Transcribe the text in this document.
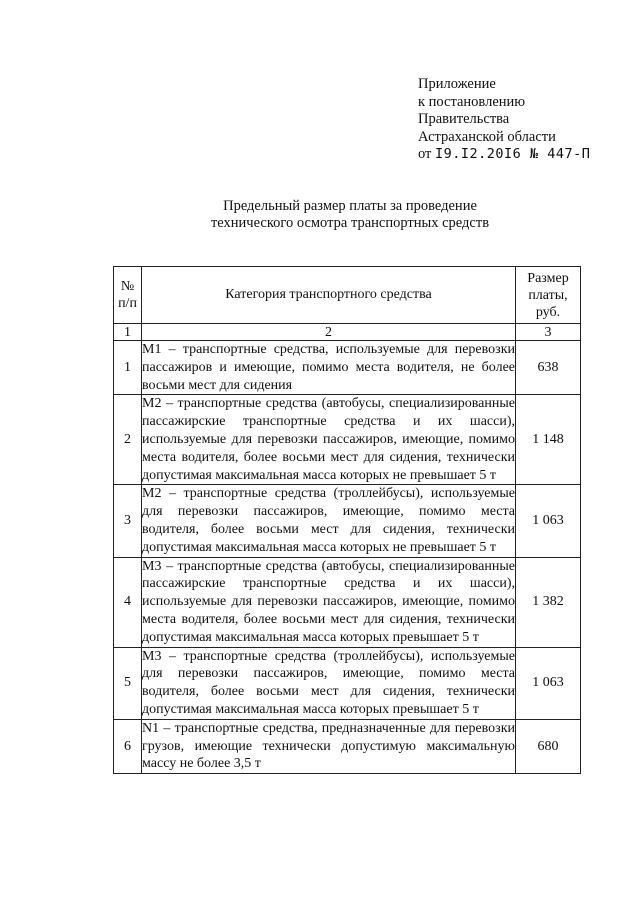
Приложение
к постановлению
Правительства
Астраханской области
от I9.I2.20I6 № 447-П
Предельный размер платы за проведение
технического осмотра транспортных средств
№ п/п	Категория транспортного средства	Размер платы, руб.
1	2	3
1	M1 – транспортные средства, используемые для перевозки пассажиров и имеющие, помимо места водителя, не более восьми мест для сидения	638
2	M2 – транспортные средства (автобусы, специализированные пассажирские транспортные средства и их шасси), используемые для перевозки пассажиров, имеющие, помимо места водителя, более восьми мест для сидения, технически допустимая максимальная масса которых не превышает 5 т	1 148
3	M2 – транспортные средства (троллейбусы), используемые для перевозки пассажиров, имеющие, помимо места водителя, более восьми мест для сидения, технически допустимая максимальная масса которых не превышает 5 т	1 063
4	M3 – транспортные средства (автобусы, специализированные пассажирские транспортные средства и их шасси), используемые для перевозки пассажиров, имеющие, помимо места водителя, более восьми мест для сидения, технически допустимая максимальная масса которых превышает 5 т	1 382
5	M3 – транспортные средства (троллейбусы), используемые для перевозки пассажиров, имеющие, помимо места водителя, более восьми мест для сидения, технически допустимая максимальная масса которых превышает 5 т	1 063
6	N1 – транспортные средства, предназначенные для перевозки грузов, имеющие технически допустимую максимальную массу не более 3,5 т	680
